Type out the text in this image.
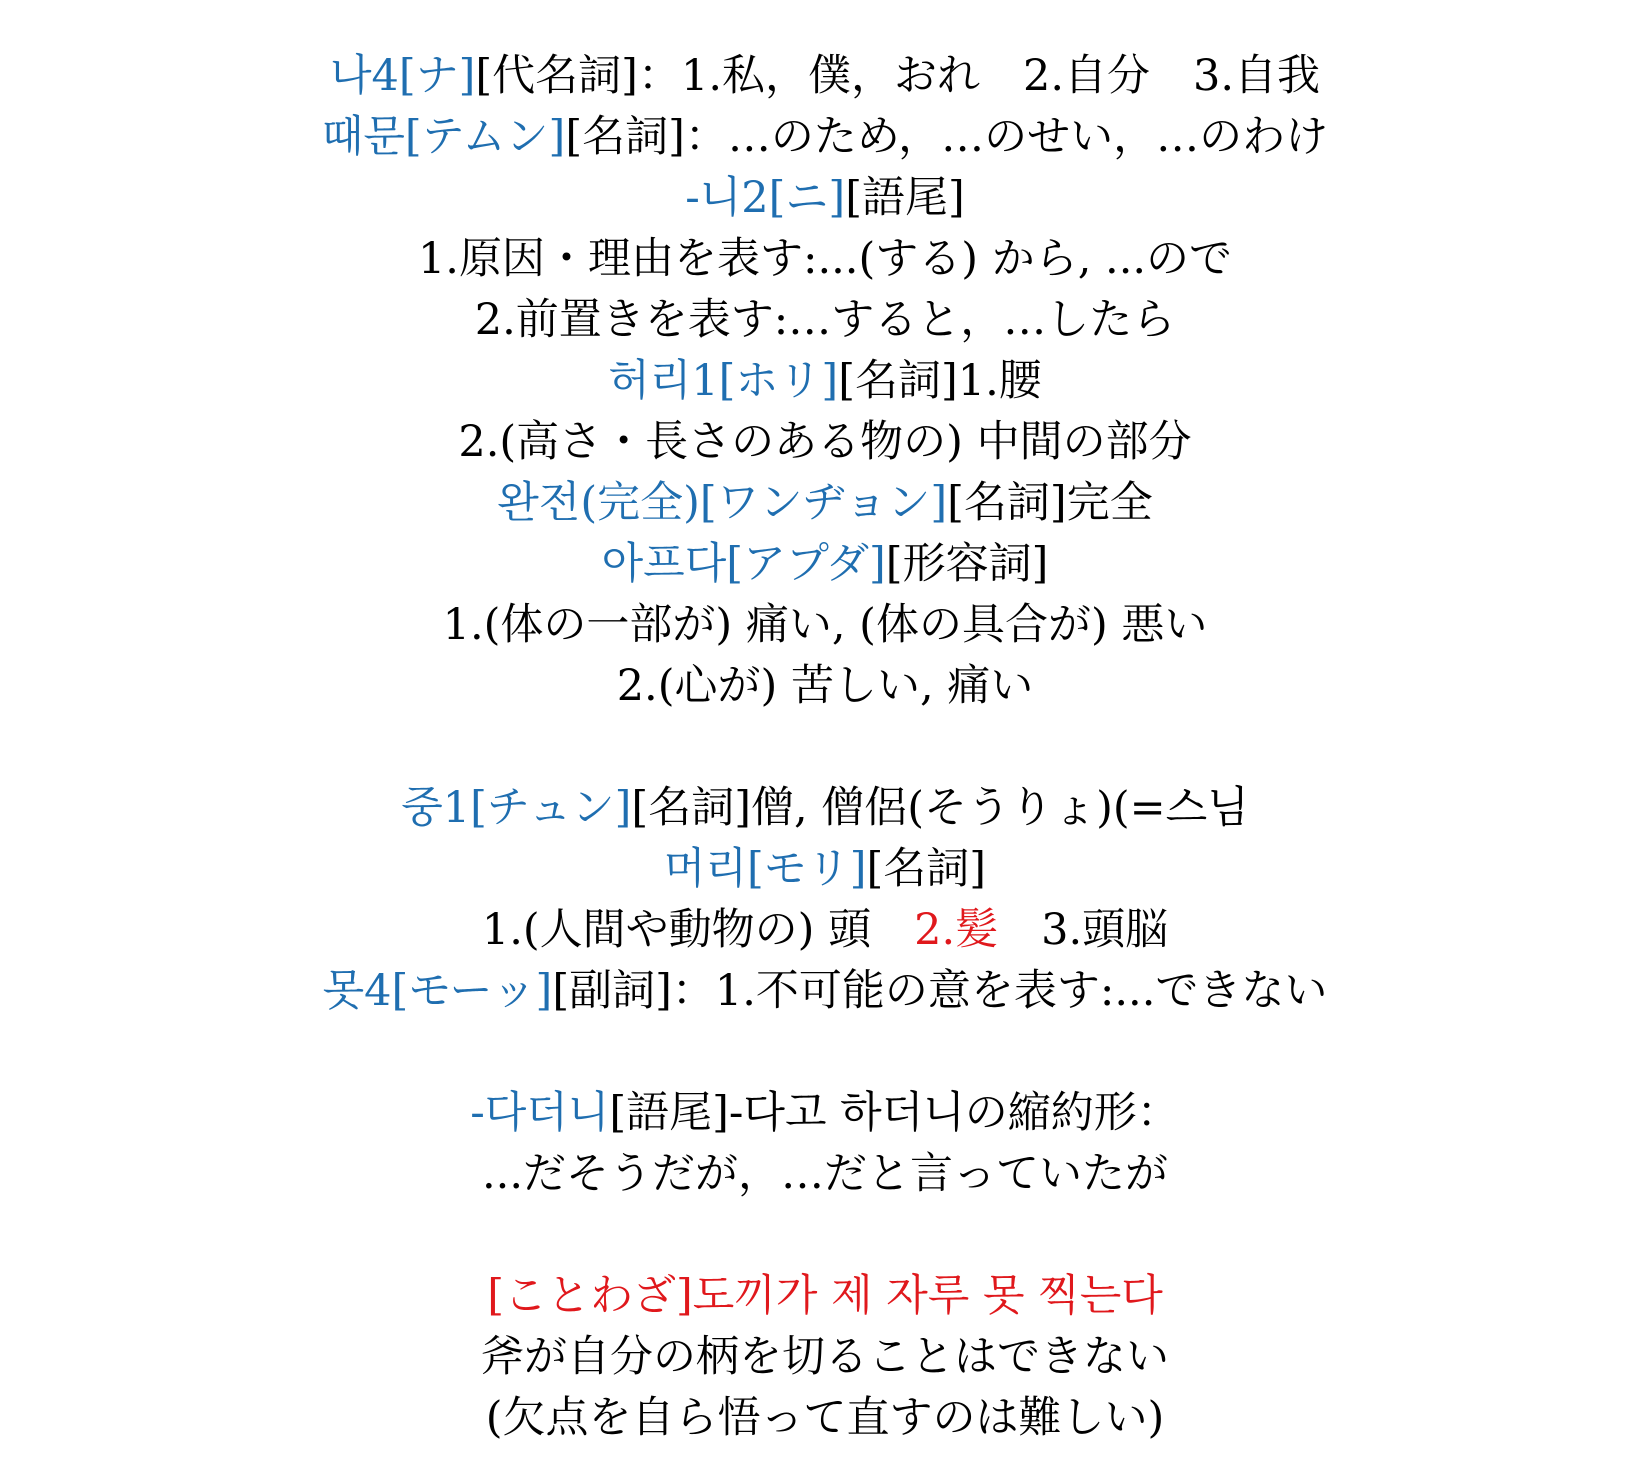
나4[ナ][代名詞]：1.私，僕，おれ　2.自分　3.自我
때문[テムン][名詞]：…のため，…のせい，…のわけ
-니2[ニ][語尾]
1.原因・理由を表す:...(する) から, ...ので
2.前置きを表す:…すると，…したら
허리1[ホリ][名詞]1.腰
2.(高さ・長さのある物の) 中間の部分
완전(完全)[ワンヂョン][名詞]完全
아프다[アプダ][形容詞]
1.(体の一部が) 痛い, (体の具合が) 悪い
2.(心が) 苦しい, 痛い
중1[チュン][名詞]僧, 僧侶(そうりょ)(=스님
머리[モリ][名詞]
1.(人間や動物の) 頭　2.髪　3.頭脳
못4[モーッ][副詞]：1.不可能の意を表す:...できない
-다더니[語尾]-다고 하더니の縮約形：
...だそうだが，…だと言っていたが
[ことわざ]도끼가 제 자루 못 찍는다
斧が自分の柄を切ることはできない
(欠点を自ら悟って直すのは難しい)
